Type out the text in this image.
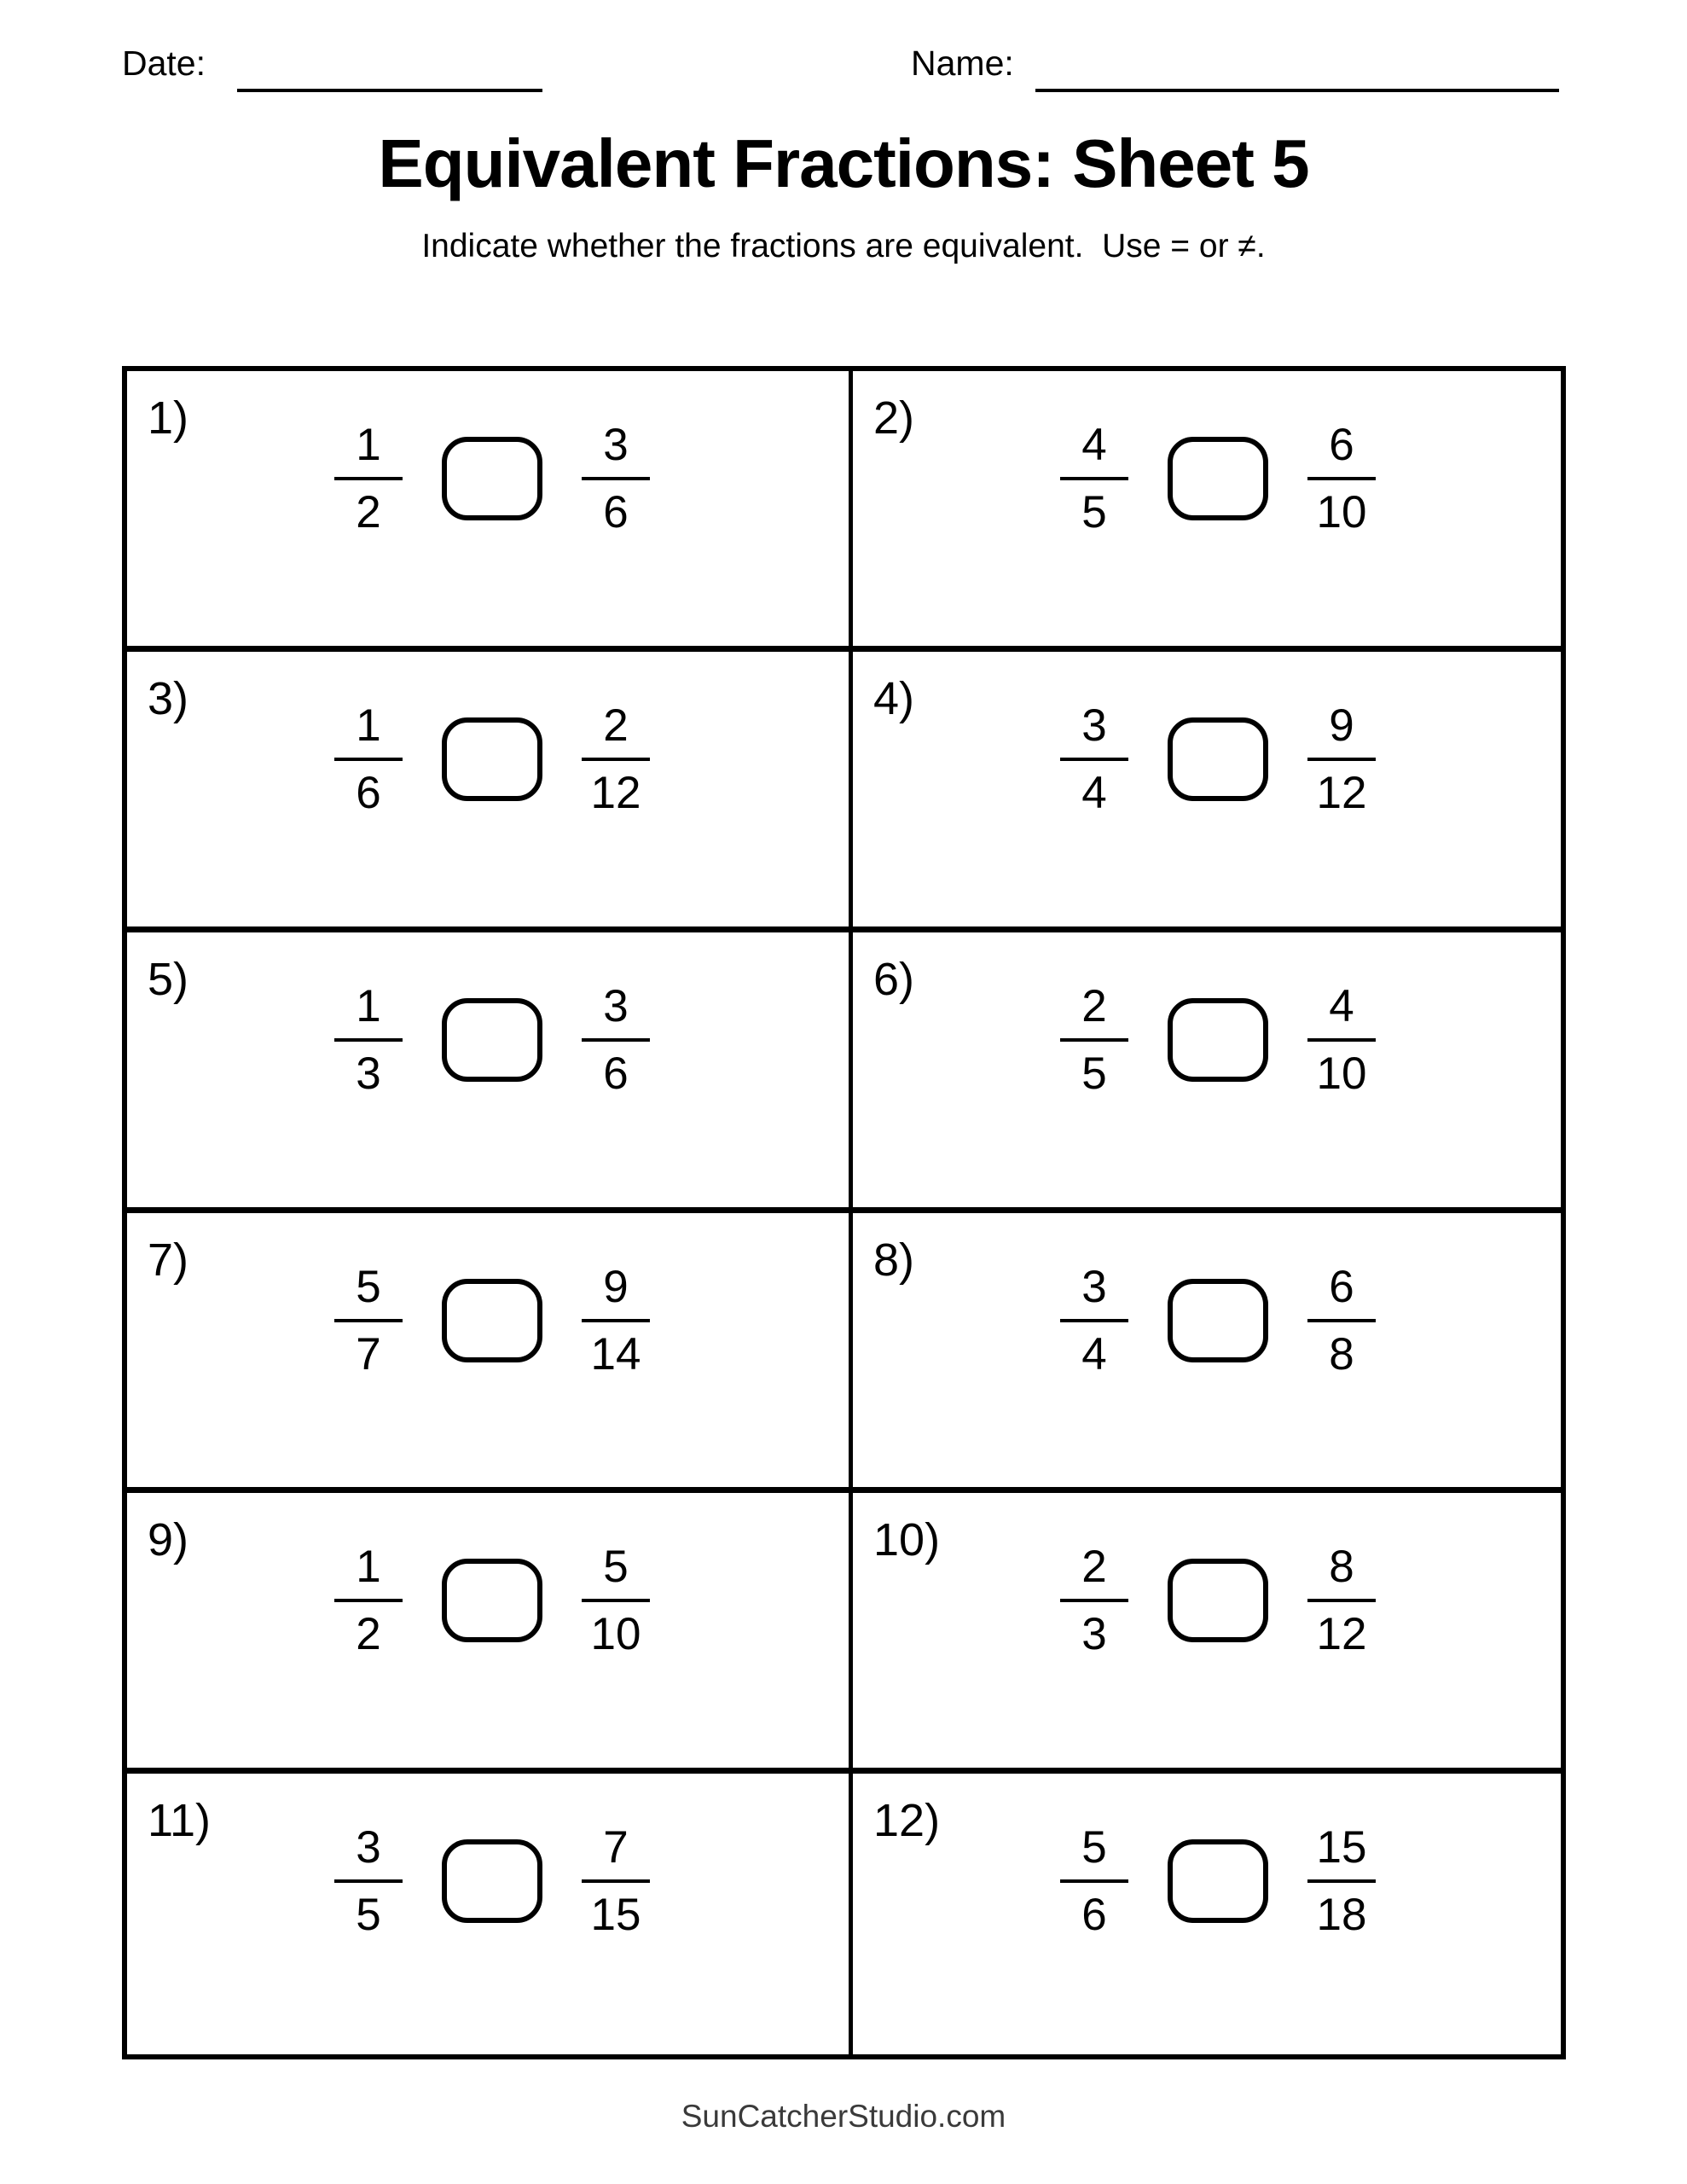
Date:	Name:
Equivalent Fractions: Sheet 5
Indicate whether the fractions are equivalent.  Use = or ≠.
1)
$\frac{1}{2}$	$\frac{3}{6}$
2)
$\frac{4}{5}$	$\frac{6}{10}$
3)
$\frac{1}{6}$	$\frac{2}{12}$
4)
$\frac{3}{4}$	$\frac{9}{12}$
5)
$\frac{1}{3}$	$\frac{3}{6}$
6)
$\frac{2}{5}$	$\frac{4}{10}$
7)
$\frac{5}{7}$	$\frac{9}{14}$
8)
$\frac{3}{4}$	$\frac{6}{8}$
9)
$\frac{1}{2}$	$\frac{5}{10}$
10)
$\frac{2}{3}$	$\frac{8}{12}$
11)
$\frac{3}{5}$	$\frac{7}{15}$
12)
$\frac{5}{6}$	$\frac{15}{18}$
SunCatcherStudio.com
